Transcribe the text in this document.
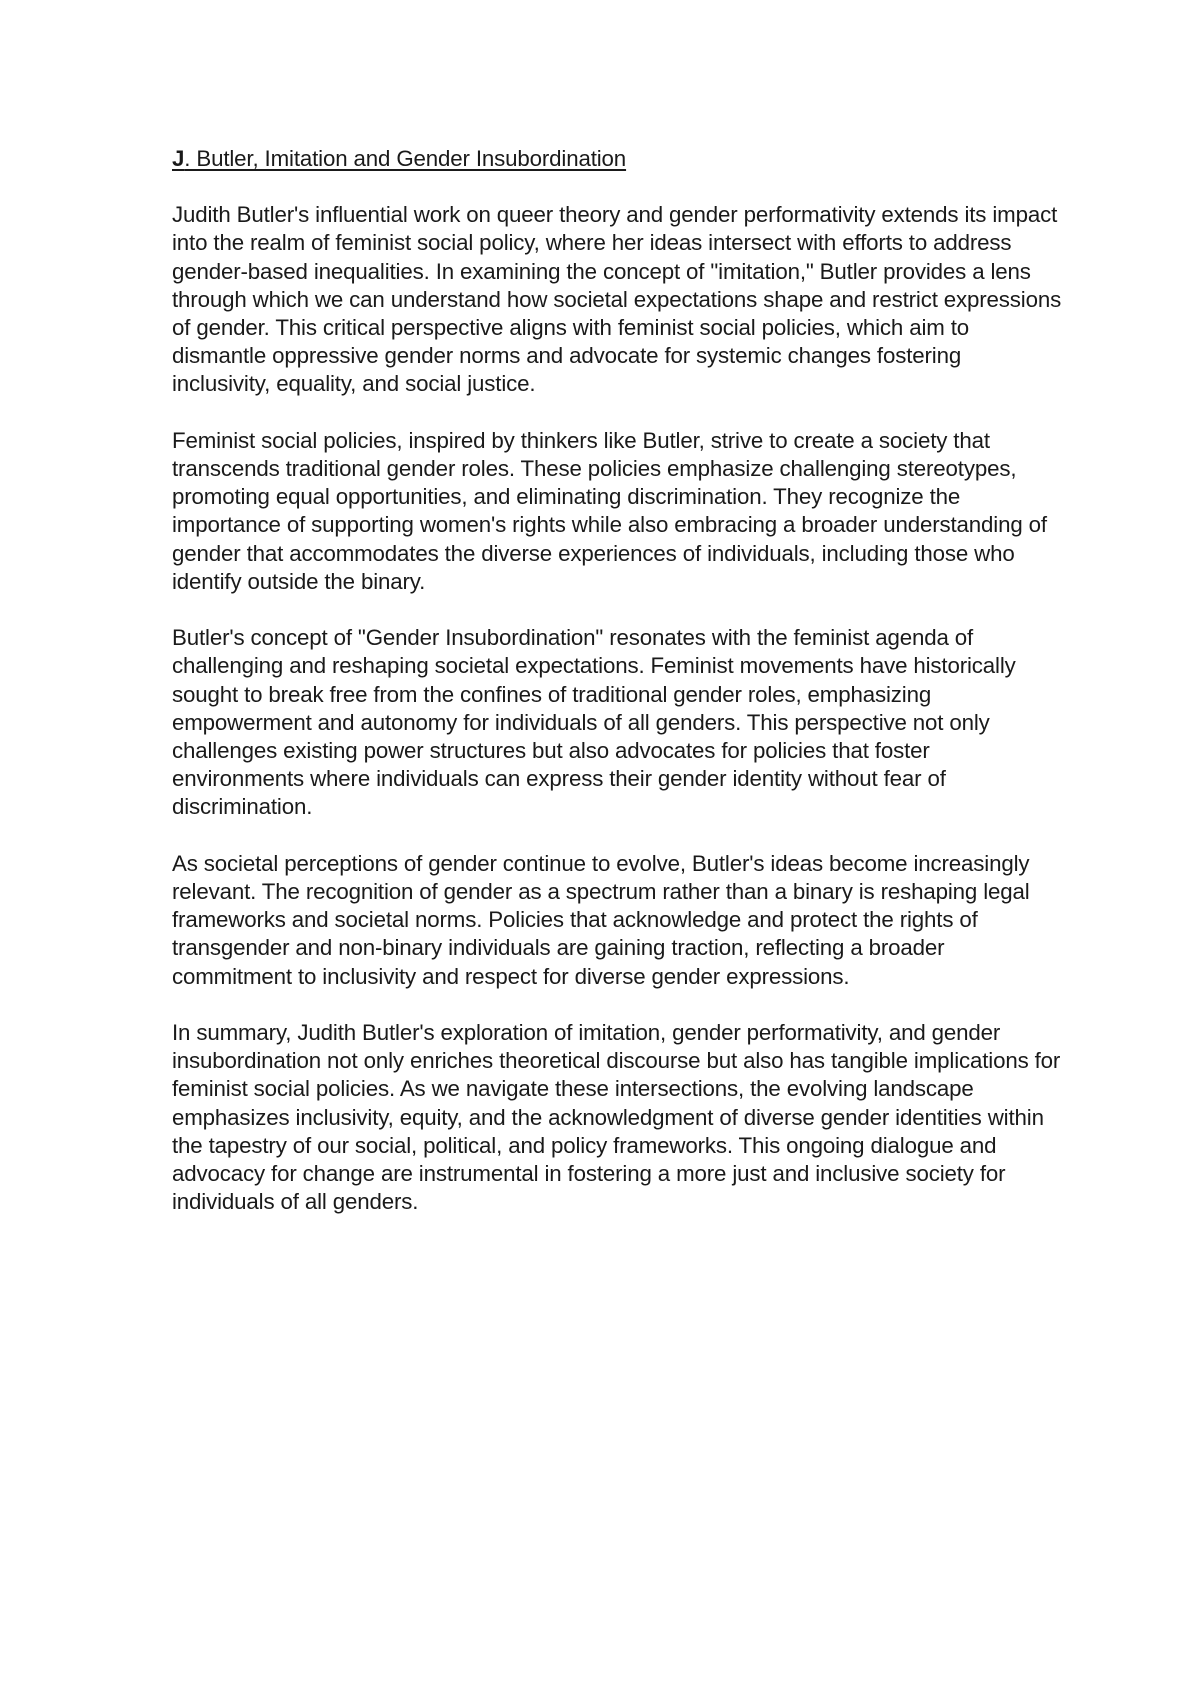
J. Butler, Imitation and Gender Insubordination

Judith Butler's influential work on queer theory and gender performativity extends its impact into the realm of feminist social policy, where her ideas intersect with efforts to address gender-based inequalities. In examining the concept of "imitation," Butler provides a lens through which we can understand how societal expectations shape and restrict expressions of gender. This critical perspective aligns with feminist social policies, which aim to dismantle oppressive gender norms and advocate for systemic changes fostering inclusivity, equality, and social justice.

Feminist social policies, inspired by thinkers like Butler, strive to create a society that transcends traditional gender roles. These policies emphasize challenging stereotypes, promoting equal opportunities, and eliminating discrimination. They recognize the importance of supporting women's rights while also embracing a broader understanding of gender that accommodates the diverse experiences of individuals, including those who identify outside the binary.

Butler's concept of "Gender Insubordination" resonates with the feminist agenda of challenging and reshaping societal expectations. Feminist movements have historically sought to break free from the confines of traditional gender roles, emphasizing empowerment and autonomy for individuals of all genders. This perspective not only challenges existing power structures but also advocates for policies that foster environments where individuals can express their gender identity without fear of discrimination.

As societal perceptions of gender continue to evolve, Butler's ideas become increasingly relevant. The recognition of gender as a spectrum rather than a binary is reshaping legal frameworks and societal norms. Policies that acknowledge and protect the rights of transgender and non-binary individuals are gaining traction, reflecting a broader commitment to inclusivity and respect for diverse gender expressions.

In summary, Judith Butler's exploration of imitation, gender performativity, and gender insubordination not only enriches theoretical discourse but also has tangible implications for feminist social policies. As we navigate these intersections, the evolving landscape emphasizes inclusivity, equity, and the acknowledgment of diverse gender identities within the tapestry of our social, political, and policy frameworks. This ongoing dialogue and advocacy for change are instrumental in fostering a more just and inclusive society for individuals of all genders.
